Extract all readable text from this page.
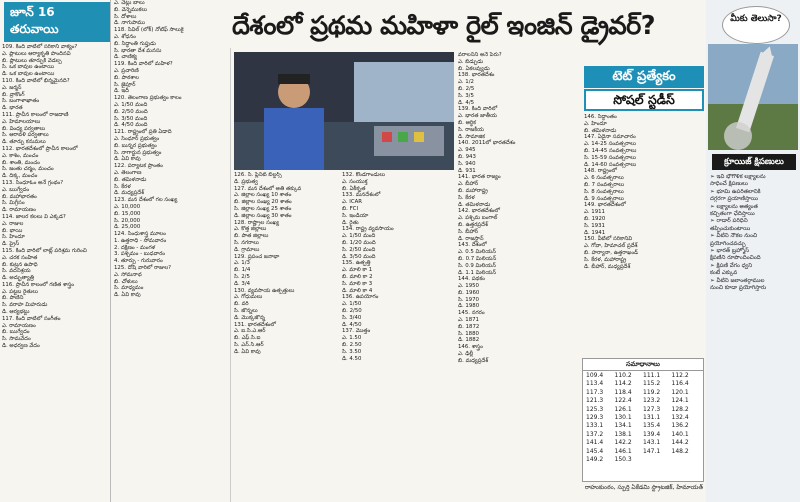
జూన్ 16 తరువాయి
109. కింది వాటిలో సరికాని వాక్యం?
ఎ. ప్లాటులు ఆర్యాకృతి పొందినవి
బి. ప్లాటులు తూర్పుకి వెడల్ప
సి. ఒక బావుల ఉంటాయి
డి. ఒక బావుల ఉంటాయి
110. కింది వాటిలో భిన్నమైనది?
ఎ. జర్మన్
బి. వ్రాకొంగ్
సి. బంగాళాఖాతం
డి. భారత
111. ప్రాచీన కాలంలో రాజదాణి
ఎ. హిమాలయాలు
బి. వింధ్య పర్వతాలు
సి. ఆరావళి పర్వతాలు
డి. తూర్పు కనుమలు
112. భారతదేశంలో ప్రాచీన కాలంలో
ఎ. కాశిం, మంచం
బి. శాంతి, మంచం
సి. జంతు చర్మం, మంచం
డి. దిక్క, మంచం
113. సింధూఓం అనే గ్రంథం?
ఎ. ఋగ్వేదం
బి. మహాభారతం
సి. మిగ్రీసం
డి. రామాయణం
114. జాలర కలలు వి ఎక్కడ?
ఎ. రాజుల
బి. భాయి
సి. హిందూ
డి. ప్రైస్
115. కింది వారిలో లాట్ల్ పరిశ్రమ గురించి
ఎ. చరక సంహిత
బి. కుట్రన ఉపాధి
సి. వదనిశ్రయ
డి. అద్భుత్యాత్రి
116. ప్రాచీన కాలంలో గణిత శాస్త్రం
ఎ. పట్టబ రైతులు
బి. పాణిని
సి. వరాహ మిహరుడు
డి. ఆర్యభట్టు
117. కింది వాటిలో సంగీతం
ఎ. రామాయణం
బి. ఋగ్వేదం
సి. సామవేదం
డి. అధర్వణ వేదం
ఎ. చెట్లు బాలు
బి. వెన్నెముకలు
సి. దోశాలు
డి. నాగుపాము
118. సివిల్ (లోక్) నోటిఫ్ సాలుకై
ఎ. శోధనం
బి. సిద్ధాంతి గుప్తుడు
సి. భారతా దేశ మనసు
డి. చాణిక్య
119. కింది వారిలో మహిళ?
ఎ. ప్రచారిణి
బి. పాఠశాల
సి. జైపూర్
డి. ఇదీ
120. తెలంగాణ ప్రభుత్వం కాలం
ఎ. 1/50 మంది
బి. 2/50 మంది
సి. 3/50 మంది
డి. 4/50 మంది
121. రాష్ట్రంలో ప్రతి ఏడాది
ఎ. సింధూర్ ప్రభుత్వం
బి. బున్నర ప్రభుత్వం
సి. నాగార్జున ప్రభుత్వం
డి. ఏవి కావు
122. పర్యాటక ప్రాంతం
ఎ. తెలంగాణ
బి. తమిళనాడు
సి. కేరళ
డి. మధ్యప్రదేశ్
123. మన దేశంలో గల సంఖ్య
ఎ. 10,000
బి. 15,000
సి. 20,000
డి. 25,000
124. సింధుశాస్త్ర మూలం
1. ఉత్తరాధి - సోమవారం
2. దక్షిణం - మంగళ
3. పశ్చిమం - బుధవారం
4. తూర్పు - గురువారం
125. దోషి వారిలో రాజుల?
ఎ. సోమనాథ
బి. చోళులు
సి. మాధ్యమం
డి. ఏవి కావు
దేశంలో ప్రథమ మహిళా రైల్ ఇంజిన్ డ్రైవర్?
126. సి. ప్లేనిట్ బిల్డర్స్
డి. ప్రభుత్వ
127. మన దేశంలో అతి తక్కువ
ఎ. జిల్లాల సంఖ్య 10 శాతం
బి. జిల్లాల సంఖ్య 20 శాతం
సి. జిల్లాల సంఖ్య 25 శాతం
డి. జిల్లాల సంఖ్య 30 శాతం
128. రాష్ట్రాల సంఖ్య
ఎ. కొత్త జిల్లాలు
బి. పాత జిల్లాలు
సి. నగరాలు
డి. గ్రామాలు
129. ప్రపంచ జనాభా
ఎ. 1/3
బి. 1/4
సి. 2/5
డి. 3/4
130. వ్యవసాయ ఉత్పత్తులు
ఎ. గోధుమలు
బి. వరి
సి. జొన్నలు
డి. మొక్కజొన్న
131. భారతదేశంలో
ఎ. ఐ.సి.ఎ.ఆర్
బి. ఎఫ్.సి.ఐ
సి. ఎన్.సి.ఆర్
డి. ఏవి కావు
132. కొండగాండులు
ఎ. సంయుక్త
బి. ఏకీకృత
133. మనదేశంలో
ఎ. ICAR
బి. FCI
సి. ఇండియా
డి. రైతు
134. రాష్ట్ర వ్యవసాయం
ఎ. 1/50 మంది
బి. 1/20 మంది
సి. 2/50 మంది
డి. 3/50 మంది
135. ఉత్పత్తి
ఎ. మాలి కా 1
బి. మాలి కా 2
సి. మాలి కా 3
డి. మాలి కా 4
136. ఉపయోగం
ఎ. 1/50
బి. 2/50
సి. 3/40
డి. 4/50
137. మొత్తం
ఎ. 1.50
బి. 2.50
సి. 3.50
డి. 4.50
వరాలనిని అనే పేరు?
ఎ. బిడ్చుడు
బి. ఏకలవ్యుడు
138. భారతదేశం
ఎ. 1/2
బి. 2/5
సి. 3/5
డి. 4/5
139. కింది వారిలో
ఎ. భారత జాతీయ
బి. ఆర్థిక
సి. రాజకీయ
డి. సామాజిక
140. 2011లో భారతదేశం
ఎ. 945
బి. 943
సి. 940
డి. 931
141. భారత రాజ్యం
ఎ. బీహార్
బి. మహారాష్ట్ర
సి. కేరళ
డి. తమిళనాడు
142. భారతదేశంలో
ఎ. పశ్చిమ బంగాల్
బి. ఉత్తరప్రదేశ్
సి. బీహార్
డి. రాజస్థాన్
143. దేశంలో
ఎ. 0.5 మిలియన్
బి. 0.7 మిలియన్
సి. 0.9 మిలియన్
డి. 1.1 మిలియన్
144. పథకం
ఎ. 1950
బి. 1960
సి. 1970
డి. 1980
145. నగరం
ఎ. 1871
బి. 1872
సి. 1880
డి. 1882
146. శాస్త్రం
ఎ. ఢిల్లీ
బి. మధ్యప్రదేశ్
టెట్ ప్రత్యేకం
సోషల్ స్టడీస్
146. సిద్ధాంతం
ఎ. హిందూ
బి. తమిళనాడు
147. ఏదైనా సమాచారం
ఎ. 14-25 సంవత్సరాలు
బి. 14-45 సంవత్సరాలు
సి. 15-59 సంవత్సరాలు
డి. 14-60 సంవత్సరాలు
148. రాష్ట్రంలో
ఎ. 6 సంవత్సరాలు
బి. 7 సంవత్సరాలు
సి. 8 సంవత్సరాలు
డి. 9 సంవత్సరాలు
149. భారతదేశంలో
ఎ. 1911
బి. 1920
సి. 1931
డి. 1941
150. వీటిలో సరికానివి
ఎ. గోవా, హిమాచల్ ప్రదేశ్
బి. హర్యానా, ఉత్తరాఖండ్
సి. కేరళ, మహారాష్ట్ర
డి. బీహార్, మధ్యప్రదేశ్
సమాధానాలు
109.4	110.2	111.1	112.2
113.4	114.2	115.2	116.4
117.3	118.4	119.2	120.1
121.3	122.4	123.2	124.1
125.3	126.1	127.3	128.2
129.3	130.1	131.1	132.4
133.1	134.1	135.4	136.2
137.2	138.1	139.4	140.1
141.4	142.2	143.1	144.2
145.4	146.1	147.1	148.2
149.2	150.3
రాహుకుంఠం, స్ఫుర్తి ఏకేడమి స్ట్రాటజిక్, హిమాయత్
మీకు తెలుసా?
క్రూయిజ్ క్షిపణులు
➢ ఇవి భౌగోళిక లక్ష్యాలను
సాధించే క్షిపణులు
➢ భూమి ఉపరితలానికి
దగ్గరగా ప్రయాణిస్తాయి
➢ లక్ష్యాలను అత్యంత
కచ్చితంగా ఛేదిస్తాయి
➢ రాడార్ పరిధిని
తప్పించుకుంటాయి
➢ వీటిని నౌకల నుంచి
ప్రయోగించవచ్చు
➢ భారత్ బ్రహ్మోస్
క్షిపణిని రూపొందించింది
➢ క్షిపణి వేగం ధ్వని
కంటే ఎక్కువ
➢ వీటిని జలాంతర్గాముల
నుంచి కూడా ప్రయోగిస్తారు
